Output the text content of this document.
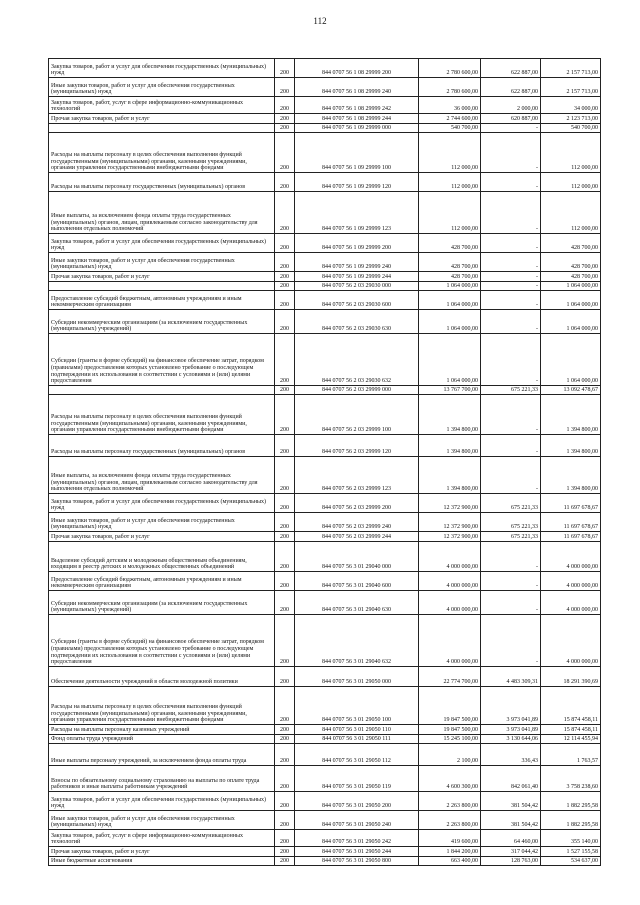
112
Закупка товаров, работ и услуг для обеспечения государственных (муниципальных) нужд	200	844 0707 56 1 08 29999 200	2 780 600,00	622 887,00	2 157 713,00
Иные закупки товаров, работ и услуг для обеспечения государственных (муниципальных) нужд	200	844 0707 56 1 08 29999 240	2 780 600,00	622 887,00	2 157 713,00
Закупка товаров, работ, услуг в сфере информационно-коммуникационных технологий	200	844 0707 56 1 08 29999 242	36 000,00	2 000,00	34 000,00
Прочая закупка товаров, работ и услуг	200	844 0707 56 1 08 29999 244	2 744 600,00	620 887,00	2 123 713,00
	200	844 0707 56 1 09 29999 000	540 700,00	-	540 700,00
Расходы на выплаты персоналу в целях обеспечения выполнения функций государственными (муниципальными) органами, казенными учреждениями, органами управления государственными внебюджетными фондами	200	844 0707 56 1 09 29999 100	112 000,00	-	112 000,00
Расходы на выплаты персоналу государственных (муниципальных) органов	200	844 0707 56 1 09 29999 120	112 000,00	-	112 000,00
Иные выплаты, за исключением фонда оплаты труда государственных (муниципальных) органов, лицам, привлекаемым согласно законодательству для выполнения отдельных полномочий	200	844 0707 56 1 09 29999 123	112 000,00	-	112 000,00
Закупка товаров, работ и услуг для обеспечения государственных (муниципальных) нужд	200	844 0707 56 1 09 29999 200	428 700,00	-	428 700,00
Иные закупки товаров, работ и услуг для обеспечения государственных (муниципальных) нужд	200	844 0707 56 1 09 29999 240	428 700,00	-	428 700,00
Прочая закупка товаров, работ и услуг	200	844 0707 56 1 09 29999 244	428 700,00	-	428 700,00
	200	844 0707 56 2 03 29030 000	1 064 000,00	-	1 064 000,00
Предоставление субсидий бюджетным, автономным учреждениям и иным некоммерческим организациям	200	844 0707 56 2 03 29030 600	1 064 000,00	-	1 064 000,00
Субсидии некоммерческим организациям (за исключением государственных (муниципальных) учреждений)	200	844 0707 56 2 03 29030 630	1 064 000,00	-	1 064 000,00
Субсидии (гранты в форме субсидий) на финансовое обеспечение затрат, порядком (правилами) предоставления которых установлено требование о последующем подтверждении их использования в соответствии с условиями и (или) целями предоставления	200	844 0707 56 2 03 29030 632	1 064 000,00	-	1 064 000,00
	200	844 0707 56 2 03 29999 000	13 767 700,00	675 221,33	13 092 478,67
Расходы на выплаты персоналу в целях обеспечения выполнения функций государственными (муниципальными) органами, казенными учреждениями, органами управления государственными внебюджетными фондами	200	844 0707 56 2 03 29999 100	1 394 800,00	-	1 394 800,00
Расходы на выплаты персоналу государственных (муниципальных) органов	200	844 0707 56 2 03 29999 120	1 394 800,00	-	1 394 800,00
Иные выплаты, за исключением фонда оплаты труда государственных (муниципальных) органов, лицам, привлекаемым согласно законодательству для выполнения отдельных полномочий	200	844 0707 56 2 03 29999 123	1 394 800,00	-	1 394 800,00
Закупка товаров, работ и услуг для обеспечения государственных (муниципальных) нужд	200	844 0707 56 2 03 29999 200	12 372 900,00	675 221,33	11 697 678,67
Иные закупки товаров, работ и услуг для обеспечения государственных (муниципальных) нужд	200	844 0707 56 2 03 29999 240	12 372 900,00	675 221,33	11 697 678,67
Прочая закупка товаров, работ и услуг	200	844 0707 56 2 03 29999 244	12 372 900,00	675 221,33	11 697 678,67
Выделение субсидий детским и молодежным общественным объединениям, входящим в реестр детских и молодежных общественных объединений	200	844 0707 56 3 01 29040 000	4 000 000,00	-	4 000 000,00
Предоставление субсидий бюджетным, автономным учреждениям и иным некоммерческим организациям	200	844 0707 56 3 01 29040 600	4 000 000,00	-	4 000 000,00
Субсидии некоммерческим организациям (за исключением государственных (муниципальных) учреждений)	200	844 0707 56 3 01 29040 630	4 000 000,00	-	4 000 000,00
Субсидии (гранты в форме субсидий) на финансовое обеспечение затрат, порядком (правилами) предоставления которых установлено требование о последующем подтверждении их использования в соответствии с условиями и (или) целями предоставления	200	844 0707 56 3 01 29040 632	4 000 000,00	-	4 000 000,00
Обеспечение деятельности учреждений в области молодежной политики	200	844 0707 56 3 01 29050 000	22 774 700,00	4 483 309,31	18 291 390,69
Расходы на выплаты персоналу в целях обеспечения выполнения функций государственными (муниципальными) органами, казенными учреждениями, органами управления государственными внебюджетными фондами	200	844 0707 56 3 01 29050 100	19 847 500,00	3 973 041,89	15 874 458,11
Расходы на выплаты персоналу казенных учреждений	200	844 0707 56 3 01 29050 110	19 847 500,00	3 973 041,89	15 874 458,11
Фонд оплаты труда учреждений	200	844 0707 56 3 01 29050 111	15 245 100,00	3 130 644,06	12 114 455,94
Иные выплаты персоналу учреждений, за исключением фонда оплаты труда	200	844 0707 56 3 01 29050 112	2 100,00	336,43	1 763,57
Взносы по обязательному социальному страхованию на выплаты по оплате труда работников и иные выплаты работникам учреждений	200	844 0707 56 3 01 29050 119	4 600 300,00	842 061,40	3 758 238,60
Закупка товаров, работ и услуг для обеспечения государственных (муниципальных) нужд	200	844 0707 56 3 01 29050 200	2 263 800,00	381 504,42	1 882 295,58
Иные закупки товаров, работ и услуг для обеспечения государственных (муниципальных) нужд	200	844 0707 56 3 01 29050 240	2 263 800,00	381 504,42	1 882 295,58
Закупка товаров, работ, услуг в сфере информационно-коммуникационных технологий	200	844 0707 56 3 01 29050 242	419 600,00	64 460,00	355 140,00
Прочая закупка товаров, работ и услуг	200	844 0707 56 3 01 29050 244	1 844 200,00	317 044,42	1 527 155,58
Иные бюджетные ассигнования	200	844 0707 56 3 01 29050 800	663 400,00	128 763,00	534 637,00
